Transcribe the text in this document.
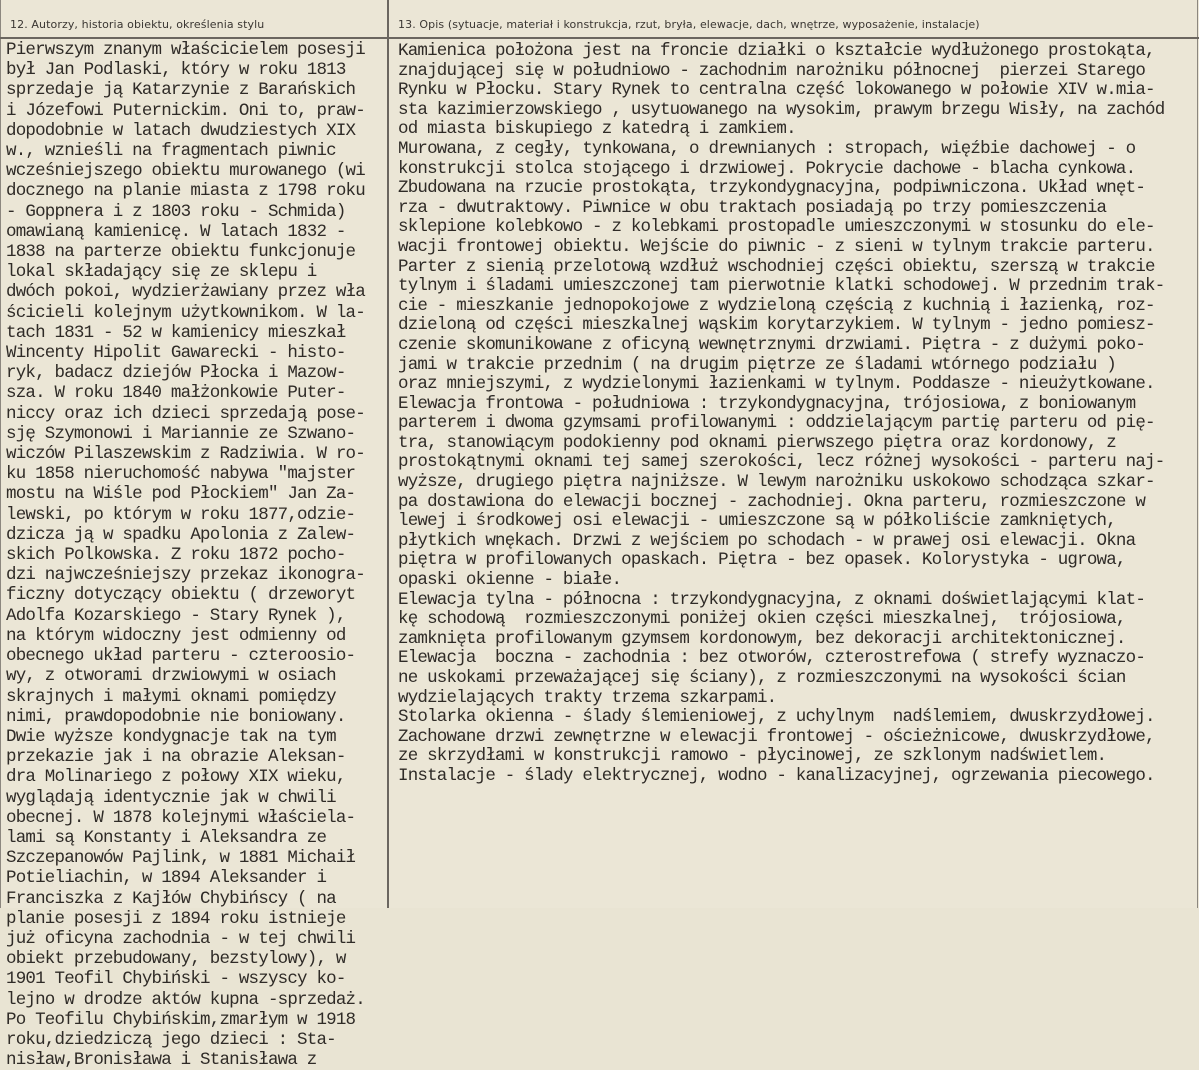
12. Autorzy, historia obiektu, określenia stylu	13. Opis (sytuacje, materiał i konstrukcja, rzut, bryła, elewacje, dach, wnętrze, wyposażenie, instalacje)
Pierwszym znanym właścicielem posesji
był Jan Podlaski, który w roku 1813
sprzedaje ją Katarzynie z Barańskich
i Józefowi Puternickim. Oni to, praw-
dopodobnie w latach dwudziestych XIX
w., wznieśli na fragmentach piwnic
wcześniejszego obiektu murowanego (wi
docznego na planie miasta z 1798 roku
- Goppnera i z 1803 roku - Schmida)
omawianą kamienicę. W latach 1832 -
1838 na parterze obiektu funkcjonuje
lokal składający się ze sklepu i
dwóch pokoi, wydzierżawiany przez wła
ścicieli kolejnym użytkownikom. W la-
tach 1831 - 52 w kamienicy mieszkał
Wincenty Hipolit Gawarecki - histo-
ryk, badacz dziejów Płocka i Mazow-
sza. W roku 1840 małżonkowie Puter-
niccy oraz ich dzieci sprzedają pose-
sję Szymonowi i Mariannie ze Szwano-
wiczów Pilaszewskim z Radziwia. W ro-
ku 1858 nieruchomość nabywa "majster
mostu na Wiśle pod Płockiem" Jan Za-
lewski, po którym w roku 1877,odzie-
dzicza ją w spadku Apolonia z Zalew-
skich Polkowska. Z roku 1872 pocho-
dzi najwcześniejszy przekaz ikonogra-
ficzny dotyczący obiektu ( drzeworyt
Adolfa Kozarskiego - Stary Rynek ),
na którym widoczny jest odmienny od
obecnego układ parteru - czteroosio-
wy, z otworami drzwiowymi w osiach
skrajnych i małymi oknami pomiędzy
nimi, prawdopodobnie nie boniowany.
Dwie wyższe kondygnacje tak na tym
przekazie jak i na obrazie Aleksan-
dra Molinariego z połowy XIX wieku,
wyglądają identycznie jak w chwili
obecnej. W 1878 kolejnymi właściela-
lami są Konstanty i Aleksandra ze
Szczepanowów Pajlink, w 1881 Michaił
Potieliachin, w 1894 Aleksander i
Franciszka z Kajłów Chybińscy ( na
planie posesji z 1894 roku istnieje
już oficyna zachodnia - w tej chwili
obiekt przebudowany, bezstylowy), w
1901 Teofil Chybiński - wszyscy ko-
lejno w drodze aktów kupna -sprzedaż.
Po Teofilu Chybińskim,zmarłym w 1918
roku,dziedziczą jego dzieci : Sta-
nisław,Bronisława i Stanisława z
Kamienica położona jest na froncie działki o kształcie wydłużonego prostokąta,
znajdującej się w południowo - zachodnim narożniku północnej  pierzei Starego
Rynku w Płocku. Stary Rynek to centralna część lokowanego w połowie XIV w.mia-
sta kazimierzowskiego , usytuowanego na wysokim, prawym brzegu Wisły, na zachód
od miasta biskupiego z katedrą i zamkiem.
Murowana, z cegły, tynkowana, o drewnianych : stropach, więźbie dachowej - o
konstrukcji stolca stojącego i drzwiowej. Pokrycie dachowe - blacha cynkowa.
Zbudowana na rzucie prostokąta, trzykondygnacyjna, podpiwniczona. Układ wnęt-
rza - dwutraktowy. Piwnice w obu traktach posiadają po trzy pomieszczenia
sklepione kolebkowo - z kolebkami prostopadle umieszczonymi w stosunku do ele-
wacji frontowej obiektu. Wejście do piwnic - z sieni w tylnym trakcie parteru.
Parter z sienią przelotową wzdłuż wschodniej części obiektu, szerszą w trakcie
tylnym i śladami umieszczonej tam pierwotnie klatki schodowej. W przednim trak-
cie - mieszkanie jednopokojowe z wydzieloną częścią z kuchnią i łazienką, roz-
dzieloną od części mieszkalnej wąskim korytarzykiem. W tylnym - jedno pomiesz-
czenie skomunikowane z oficyną wewnętrznymi drzwiami. Piętra - z dużymi poko-
jami w trakcie przednim ( na drugim piętrze ze śladami wtórnego podziału )
oraz mniejszymi, z wydzielonymi łazienkami w tylnym. Poddasze - nieużytkowane.
Elewacja frontowa - południowa : trzykondygnacyjna, trójosiowa, z boniowanym
parterem i dwoma gzymsami profilowanymi : oddzielającym partię parteru od pię-
tra, stanowiącym podokienny pod oknami pierwszego piętra oraz kordonowy, z
prostokątnymi oknami tej samej szerokości, lecz różnej wysokości - parteru naj-
wyższe, drugiego piętra najniższe. W lewym narożniku uskokowo schodząca szkar-
pa dostawiona do elewacji bocznej - zachodniej. Okna parteru, rozmieszczone w
lewej i środkowej osi elewacji - umieszczone są w półkoliście zamkniętych,
płytkich wnękach. Drzwi z wejściem po schodach - w prawej osi elewacji. Okna
piętra w profilowanych opaskach. Piętra - bez opasek. Kolorystyka - ugrowa,
opaski okienne - białe.
Elewacja tylna - północna : trzykondygnacyjna, z oknami doświetlającymi klat-
kę schodową  rozmieszczonymi poniżej okien części mieszkalnej,  trójosiowa,
zamknięta profilowanym gzymsem kordonowym, bez dekoracji architektonicznej.
Elewacja  boczna - zachodnia : bez otworów, czterostrefowa ( strefy wyznaczo-
ne uskokami przeważającej się ściany), z rozmieszczonymi na wysokości ścian
wydzielających trakty trzema szkarpami.
Stolarka okienna - ślady ślemieniowej, z uchylnym  nadślemiem, dwuskrzydłowej.
Zachowane drzwi zewnętrzne w elewacji frontowej - ościeżnicowe, dwuskrzydłowe,
ze skrzydłami w konstrukcji ramowo - płycinowej, ze szklonym nadświetlem.
Instalacje - ślady elektrycznej, wodno - kanalizacyjnej, ogrzewania piecowego.
